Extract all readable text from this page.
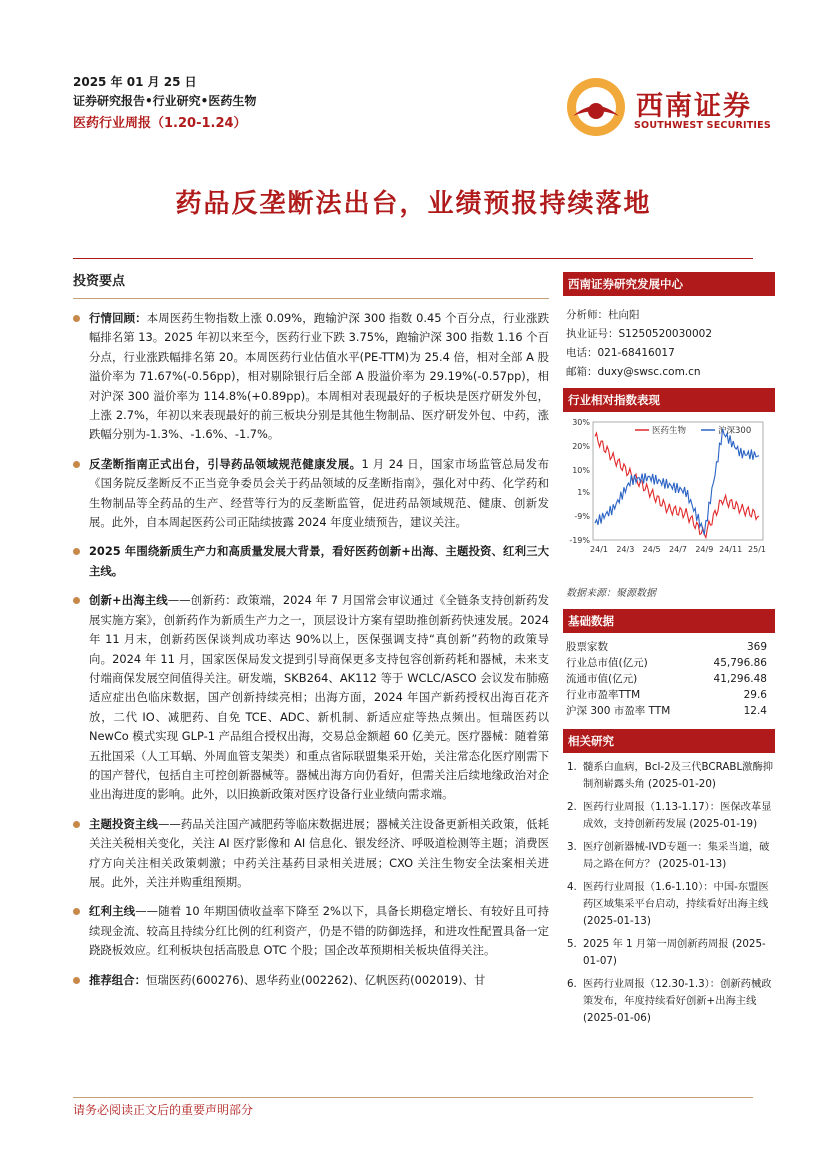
2025 年 01 月 25 日
证券研究报告•行业研究•医药生物
医药行业周报（1.20-1.24）
西南证券
SOUTHWEST SECURITIES
药品反垄断法出台，业绩预报持续落地
投资要点
行情回顾：本周医药生物指数上涨 0.09%，跑输沪深 300 指数 0.45 个百分点，行业涨跌幅排名第 13。2025 年初以来至今，医药行业下跌 3.75%，跑输沪深 300 指数 1.16 个百分点，行业涨跌幅排名第 20。本周医药行业估值水平(PE-TTM)为 25.4 倍，相对全部 A 股溢价率为 71.67%(-0.56pp)，相对剔除银行后全部 A 股溢价率为 29.19%(-0.57pp)，相对沪深 300 溢价率为 114.8%(+0.89pp)。本周相对表现最好的子板块是医疗研发外包，上涨 2.7%，年初以来表现最好的前三板块分别是其他生物制品、医疗研发外包、中药，涨跌幅分别为-1.3%、-1.6%、-1.7%。
反垄断指南正式出台，引导药品领域规范健康发展。1 月 24 日，国家市场监管总局发布《国务院反垄断反不正当竞争委员会关于药品领域的反垄断指南》，强化对中药、化学药和生物制品等全药品的生产、经营等行为的反垄断监管，促进药品领域规范、健康、创新发展。此外，自本周起医药公司正陆续披露 2024 年度业绩预告，建议关注。
2025 年围绕新质生产力和高质量发展大背景，看好医药创新+出海、主题投资、红利三大主线。
创新+出海主线——创新药：政策端，2024 年 7 月国常会审议通过《全链条支持创新药发展实施方案》，创新药作为新质生产力之一，顶层设计方案有望助推创新药快速发展。2024 年 11 月末，创新药医保谈判成功率达 90%以上，医保强调支持“真创新”药物的政策导向。2024 年 11 月，国家医保局发文提到引导商保更多支持包容创新药耗和器械，未来支付端商保发展空间值得关注。研发端，SKB264、AK112 等于 WCLC/ASCO 会议发布肺癌适应症出色临床数据，国产创新持续亮相；出海方面，2024 年国产新药授权出海百花齐放，二代 IO、减肥药、自免 TCE、ADC、新机制、新适应症等热点频出。恒瑞医药以 NewCo 模式实现 GLP-1 产品组合授权出海，交易总金额超 60 亿美元。医疗器械：随着第五批国采（人工耳蜗、外周血管支架类）和重点省际联盟集采开始，关注常态化医疗刚需下的国产替代，包括自主可控创新器械等。器械出海方向仍看好，但需关注后续地缘政治对企业出海进度的影响。此外，以旧换新政策对医疗设备行业业绩向需求端。
主题投资主线——药品关注国产减肥药等临床数据进展；器械关注设备更新相关政策，低耗关注关税相关变化，关注 AI 医疗影像和 AI 信息化、银发经济、呼吸道检测等主题；消费医疗方向关注相关政策刺激；中药关注基药目录相关进展；CXO 关注生物安全法案相关进展。此外，关注并购重组预期。
红利主线——随着 10 年期国债收益率下降至 2%以下，具备长期稳定增长、有较好且可持续现金流、较高且持续分红比例的红利资产，仍是不错的防御选择，和进攻性配置具备一定跷跷板效应。红利板块包括高股息 OTC 个股；国企改革预期相关板块值得关注。
推荐组合：恒瑞医药(600276)、恩华药业(002262)、亿帆医药(002019)、甘
西南证券研究发展中心
分析师：杜向阳
执业证号：S1250520030002
电话：021-68416017
邮箱：duxy@swsc.com.cn
行业相对指数表现
30%
20%
10%
1%
-9%
-19%
24/1 24/3 24/5 24/7 24/9 24/11 25/1
医药生物	沪深300
数据来源：聚源数据
基础数据
股票家数	369
行业总市值(亿元)	45,796.86
流通市值(亿元)	41,296.48
行业市盈率TTM	29.6
沪深 300 市盈率 TTM	12.4
相关研究
1. 髓系白血病，Bcl-2及三代BCRABL激酶抑制剂崭露头角 (2025-01-20)
2. 医药行业周报（1.13-1.17）：医保改革显成效，支持创新药发展 (2025-01-19)
3. 医疗创新器械-IVD专题一：集采当道，破局之路在何方？ (2025-01-13)
4. 医药行业周报（1.6-1.10）：中国-东盟医药区域集采平台启动，持续看好出海主线 (2025-01-13)
5. 2025 年 1 月第一周创新药周报 (2025-01-07)
6. 医药行业周报（12.30-1.3）：创新药械政策发布，年度持续看好创新+出海主线 (2025-01-06)
请务必阅读正文后的重要声明部分
